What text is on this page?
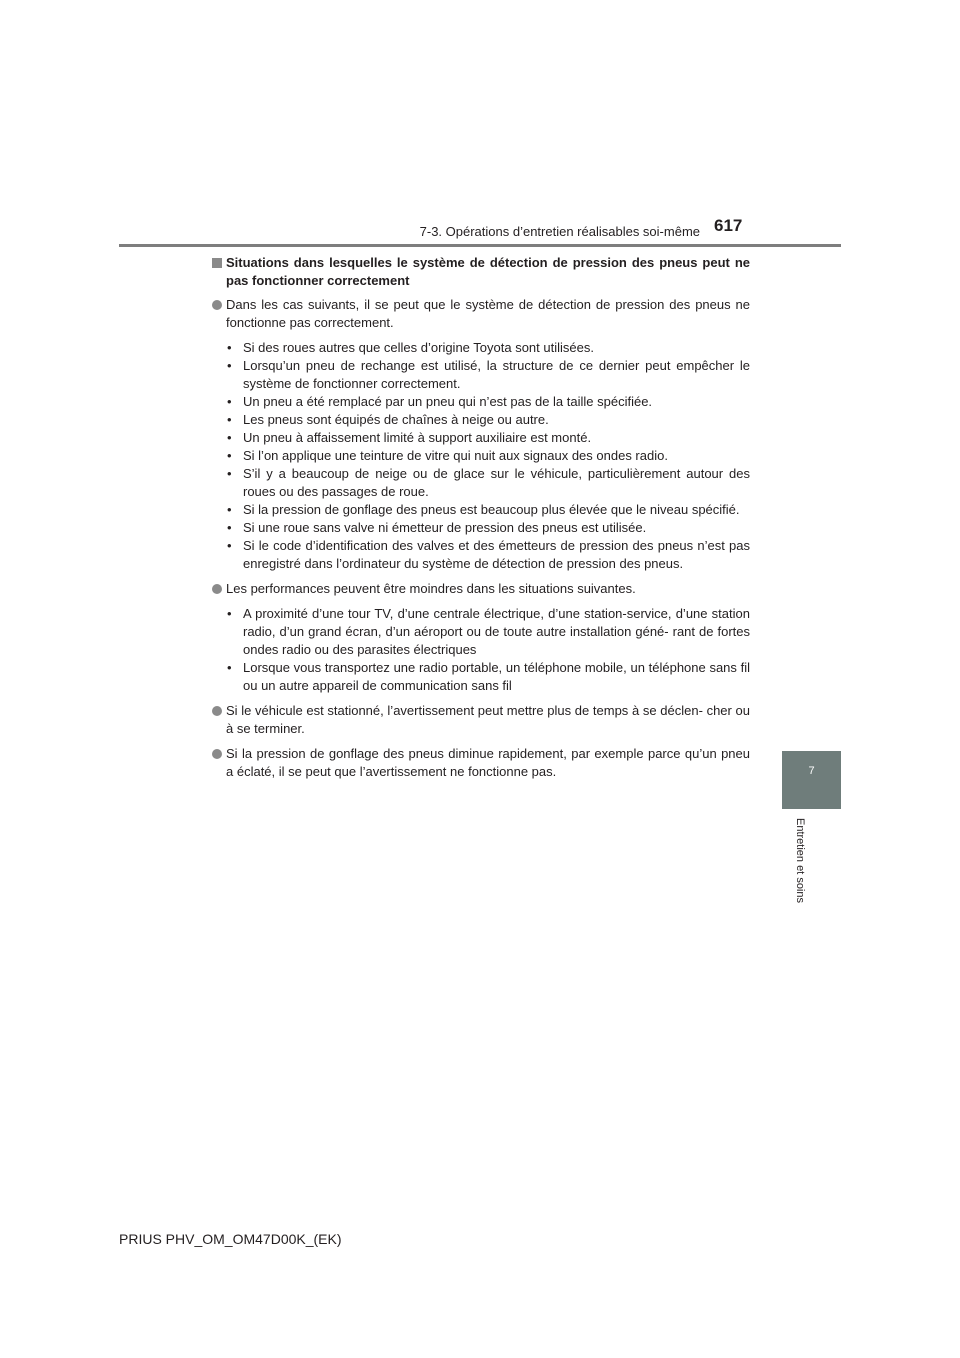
7-3. Opérations d’entretien réalisables soi-même 617
7
Entretien et soins
Situations dans lesquelles le système de détection de pression des pneus peut ne pas fonctionner correctement
Dans les cas suivants, il se peut que le système de détection de pression des pneus ne fonctionne pas correctement.
• Si des roues autres que celles d’origine Toyota sont utilisées.
• Lorsqu’un pneu de rechange est utilisé, la structure de ce dernier peut empêcher le système de fonctionner correctement.
• Un pneu a été remplacé par un pneu qui n’est pas de la taille spécifiée.
• Les pneus sont équipés de chaînes à neige ou autre.
• Un pneu à affaissement limité à support auxiliaire est monté.
• Si l’on applique une teinture de vitre qui nuit aux signaux des ondes radio.
• S’il y a beaucoup de neige ou de glace sur le véhicule, particulièrement autour des roues ou des passages de roue.
• Si la pression de gonflage des pneus est beaucoup plus élevée que le niveau spécifié.
• Si une roue sans valve ni émetteur de pression des pneus est utilisée.
• Si le code d’identification des valves et des émetteurs de pression des pneus n’est pas enregistré dans l’ordinateur du système de détection de pression des pneus.
Les performances peuvent être moindres dans les situations suivantes.
• A proximité d’une tour TV, d’une centrale électrique, d’une station-service, d’une station radio, d’un grand écran, d’un aéroport ou de toute autre installation géné- rant de fortes ondes radio ou des parasites électriques
• Lorsque vous transportez une radio portable, un téléphone mobile, un téléphone sans fil ou un autre appareil de communication sans fil
Si le véhicule est stationné, l’avertissement peut mettre plus de temps à se déclen- cher ou à se terminer.
Si la pression de gonflage des pneus diminue rapidement, par exemple parce qu’un pneu a éclaté, il se peut que l’avertissement ne fonctionne pas.
PRIUS PHV_OM_OM47D00K_(EK)
